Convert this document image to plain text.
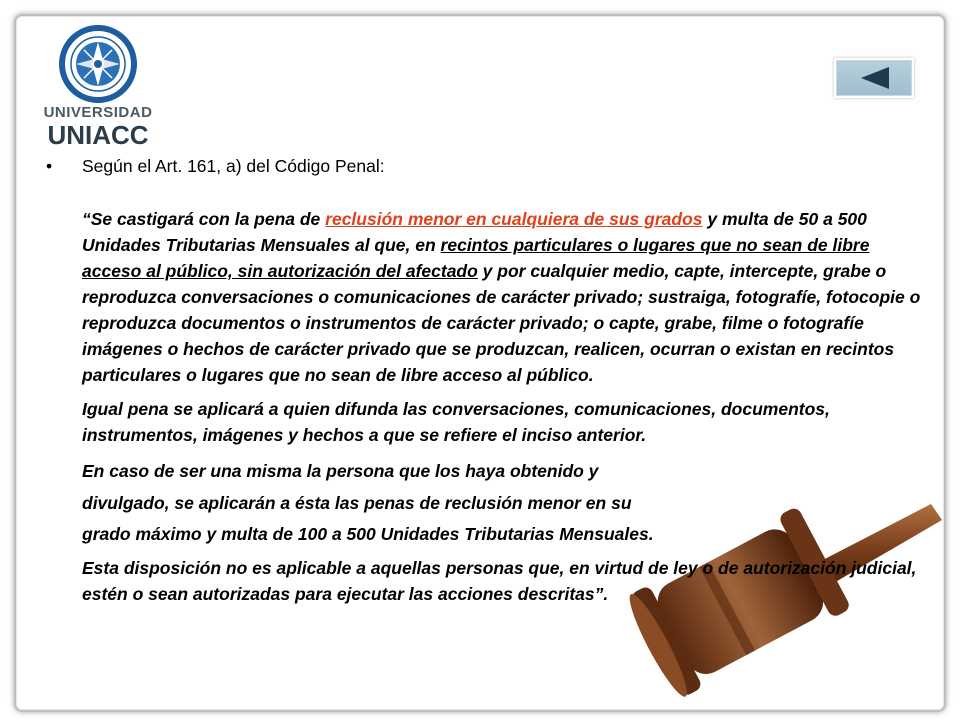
UNIVERSIDAD
UNIACC
• Según el Art. 161, a) del Código Penal:
“Se castigará con la pena de reclusión menor en cualquiera de sus grados y multa de 50 a 500 Unidades Tributarias Mensuales al que, en recintos particulares o lugares que no sean de libre acceso al público, sin autorización del afectado y por cualquier medio, capte, intercepte, grabe o reproduzca conversaciones o comunicaciones de carácter privado; sustraiga, fotografíe, fotocopie o reproduzca documentos o instrumentos de carácter privado; o capte, grabe, filme o fotografíe imágenes o hechos de carácter privado que se produzcan, realicen, ocurran o existan en recintos particulares o lugares que no sean de libre acceso al público.
Igual pena se aplicará a quien difunda las conversaciones, comunicaciones, documentos, instrumentos, imágenes y hechos a que se refiere el inciso anterior.
En caso de ser una misma la persona que los haya obtenido y divulgado, se aplicarán a ésta las penas de reclusión menor en su grado máximo y multa de 100 a 500 Unidades Tributarias Mensuales.
Esta disposición no es aplicable a aquellas personas que, en virtud de ley o de autorización judicial, estén o sean autorizadas para ejecutar las acciones descritas”.
